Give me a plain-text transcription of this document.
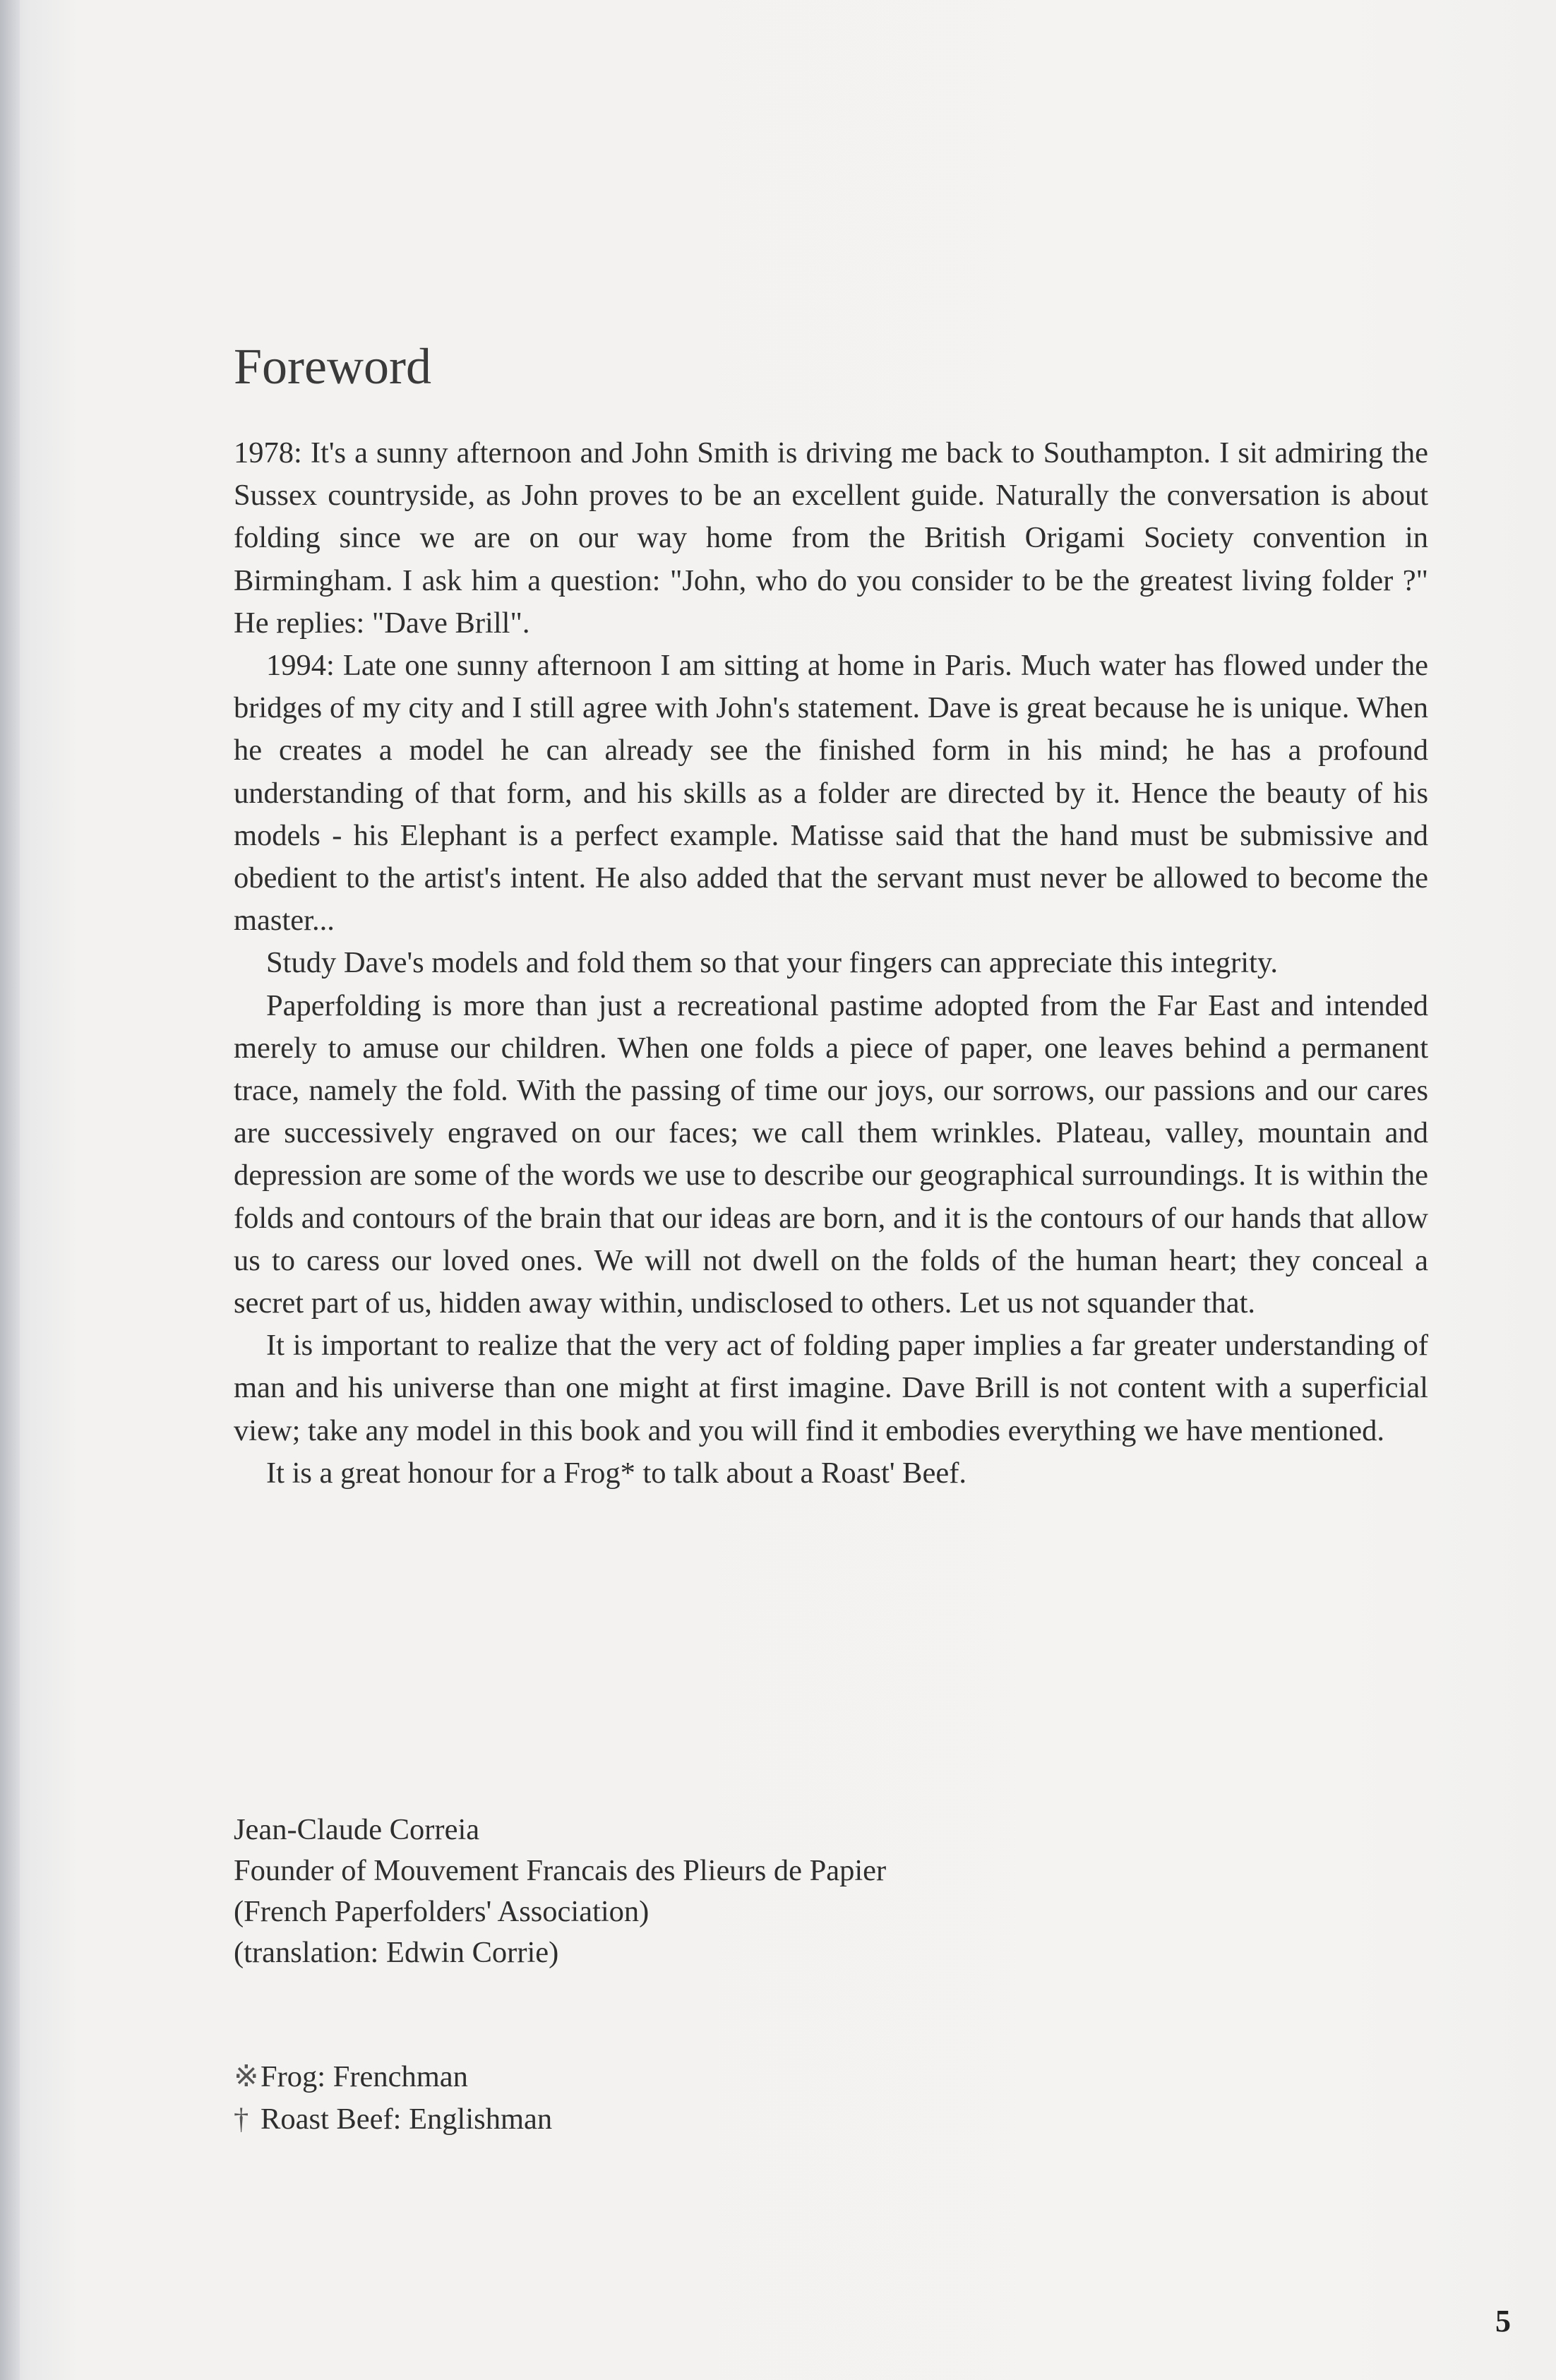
Foreword

1978: It's a sunny afternoon and John Smith is driving me back to Southampton. I sit admiring the Sussex countryside, as John proves to be an excellent guide. Naturally the conversation is about folding since we are on our way home from the British Origami Society convention in Birmingham. I ask him a question: "John, who do you consider to be the greatest living folder ?" He replies: "Dave Brill".

1994: Late one sunny afternoon I am sitting at home in Paris. Much water has flowed under the bridges of my city and I still agree with John's statement. Dave is great because he is unique. When he creates a model he can already see the finished form in his mind; he has a profound understanding of that form, and his skills as a folder are directed by it. Hence the beauty of his models - his Elephant is a perfect example. Matisse said that the hand must be submissive and obedient to the artist's intent. He also added that the servant must never be allowed to become the master...

Study Dave's models and fold them so that your fingers can appreciate this integrity.

Paperfolding is more than just a recreational pastime adopted from the Far East and intended merely to amuse our children. When one folds a piece of paper, one leaves behind a permanent trace, namely the fold. With the passing of time our joys, our sorrows, our passions and our cares are successively engraved on our faces; we call them wrinkles. Plateau, valley, mountain and depression are some of the words we use to describe our geographical surroundings. It is within the folds and contours of the brain that our ideas are born, and it is the contours of our hands that allow us to caress our loved ones. We will not dwell on the folds of the human heart; they conceal a secret part of us, hidden away within, undisclosed to others. Let us not squander that.

It is important to realize that the very act of folding paper implies a far greater understanding of man and his universe than one might at first imagine. Dave Brill is not content with a superficial view; take any model in this book and you will find it embodies everything we have mentioned.

It is a great honour for a Frog* to talk about a Roast' Beef.

Jean-Claude Correia

Founder of Mouvement Francais des Plieurs de Papier

(French Paperfolders' Association)

(translation: Edwin Corrie)

※Frog: Frenchman

† Roast Beef: Englishman

5
